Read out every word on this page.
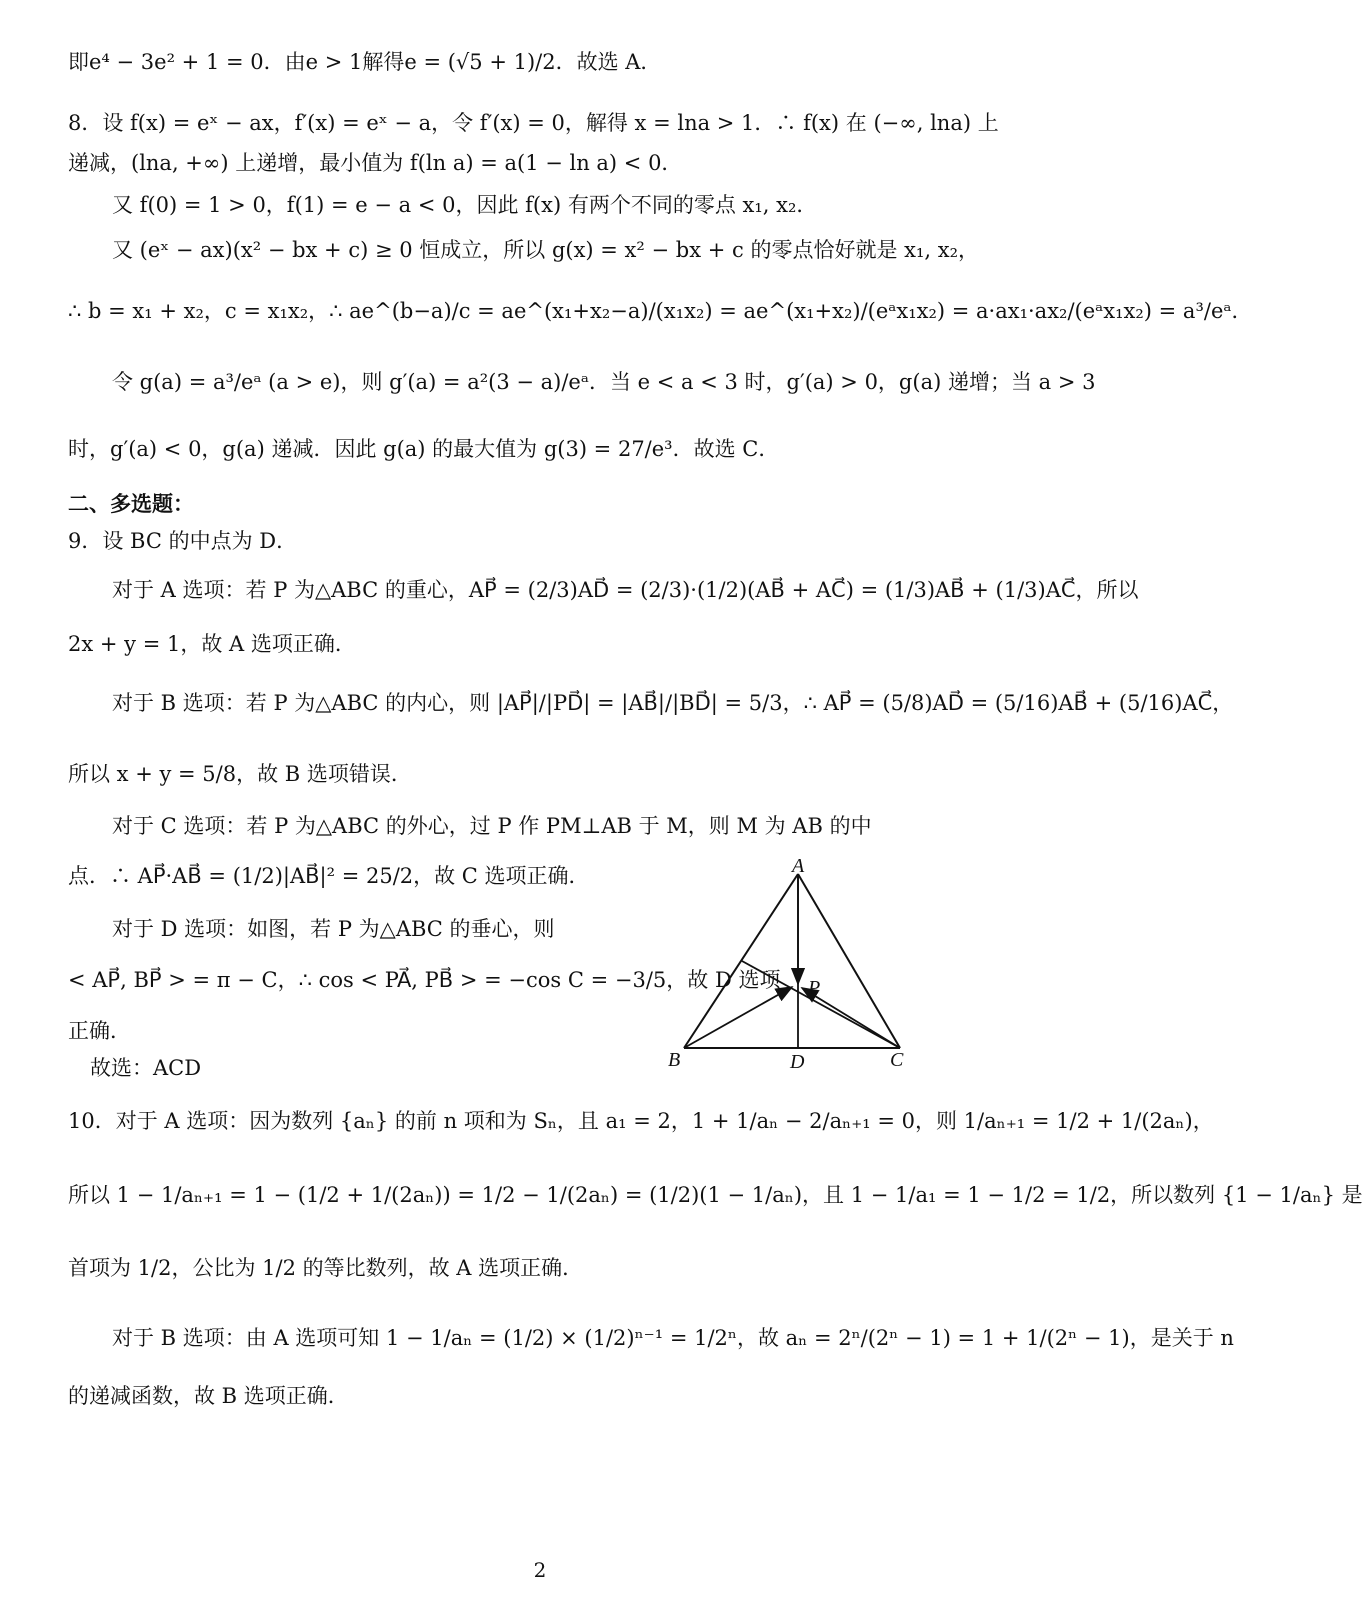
即e⁴ − 3e² + 1 = 0．由e > 1解得e = (√5 + 1)/2．故选 A．
8．设 f(x) = eˣ − ax，f′(x) = eˣ − a，令 f′(x) = 0，解得 x = lna > 1．∴ f(x) 在 (−∞, lna) 上
递减，(lna, +∞) 上递增，最小值为 f(ln a) = a(1 − ln a) < 0．
又 f(0) = 1 > 0，f(1) = e − a < 0，因此 f(x) 有两个不同的零点 x₁, x₂．
又 (eˣ − ax)(x² − bx + c) ≥ 0 恒成立，所以 g(x) = x² − bx + c 的零点恰好就是 x₁, x₂，
∴ b = x₁ + x₂，c = x₁x₂，∴ ae^(b−a)/c = ae^(x₁+x₂−a)/(x₁x₂) = ae^(x₁+x₂)/(eᵃx₁x₂) = a·ax₁·ax₂/(eᵃx₁x₂) = a³/eᵃ．
令 g(a) = a³/eᵃ (a > e)，则 g′(a) = a²(3 − a)/eᵃ．当 e < a < 3 时，g′(a) > 0，g(a) 递增；当 a > 3
时，g′(a) < 0，g(a) 递减．因此 g(a) 的最大值为 g(3) = 27/e³．故选 C．
二、多选题：
9．设 BC 的中点为 D．
对于 A 选项：若 P 为△ABC 的重心，AP⃗ = (2/3)AD⃗ = (2/3)·(1/2)(AB⃗ + AC⃗) = (1/3)AB⃗ + (1/3)AC⃗，所以
2x + y = 1，故 A 选项正确．
对于 B 选项：若 P 为△ABC 的内心，则 |AP⃗|/|PD⃗| = |AB⃗|/|BD⃗| = 5/3，∴ AP⃗ = (5/8)AD⃗ = (5/16)AB⃗ + (5/16)AC⃗，
所以 x + y = 5/8，故 B 选项错误．
对于 C 选项：若 P 为△ABC 的外心，过 P 作 PM⊥AB 于 M，则 M 为 AB 的中
点．∴ AP⃗·AB⃗ = (1/2)|AB⃗|² = 25/2，故 C 选项正确．
对于 D 选项：如图，若 P 为△ABC 的垂心，则
< AP⃗, BP⃗ > = π − C，∴ cos < PA⃗, PB⃗ > = −cos C = −3/5，故 D 选项
正确．
故选：ACD
10．对于 A 选项：因为数列 {aₙ} 的前 n 项和为 Sₙ，且 a₁ = 2，1 + 1/aₙ − 2/aₙ₊₁ = 0，则 1/aₙ₊₁ = 1/2 + 1/(2aₙ)，
所以 1 − 1/aₙ₊₁ = 1 − (1/2 + 1/(2aₙ)) = 1/2 − 1/(2aₙ) = (1/2)(1 − 1/aₙ)，且 1 − 1/a₁ = 1 − 1/2 = 1/2，所以数列 {1 − 1/aₙ} 是
首项为 1/2，公比为 1/2 的等比数列，故 A 选项正确．
对于 B 选项：由 A 选项可知 1 − 1/aₙ = (1/2) × (1/2)ⁿ⁻¹ = 1/2ⁿ，故 aₙ = 2ⁿ/(2ⁿ − 1) = 1 + 1/(2ⁿ − 1)，是关于 n
的递减函数，故 B 选项正确．
A
B	C
D
P
2
